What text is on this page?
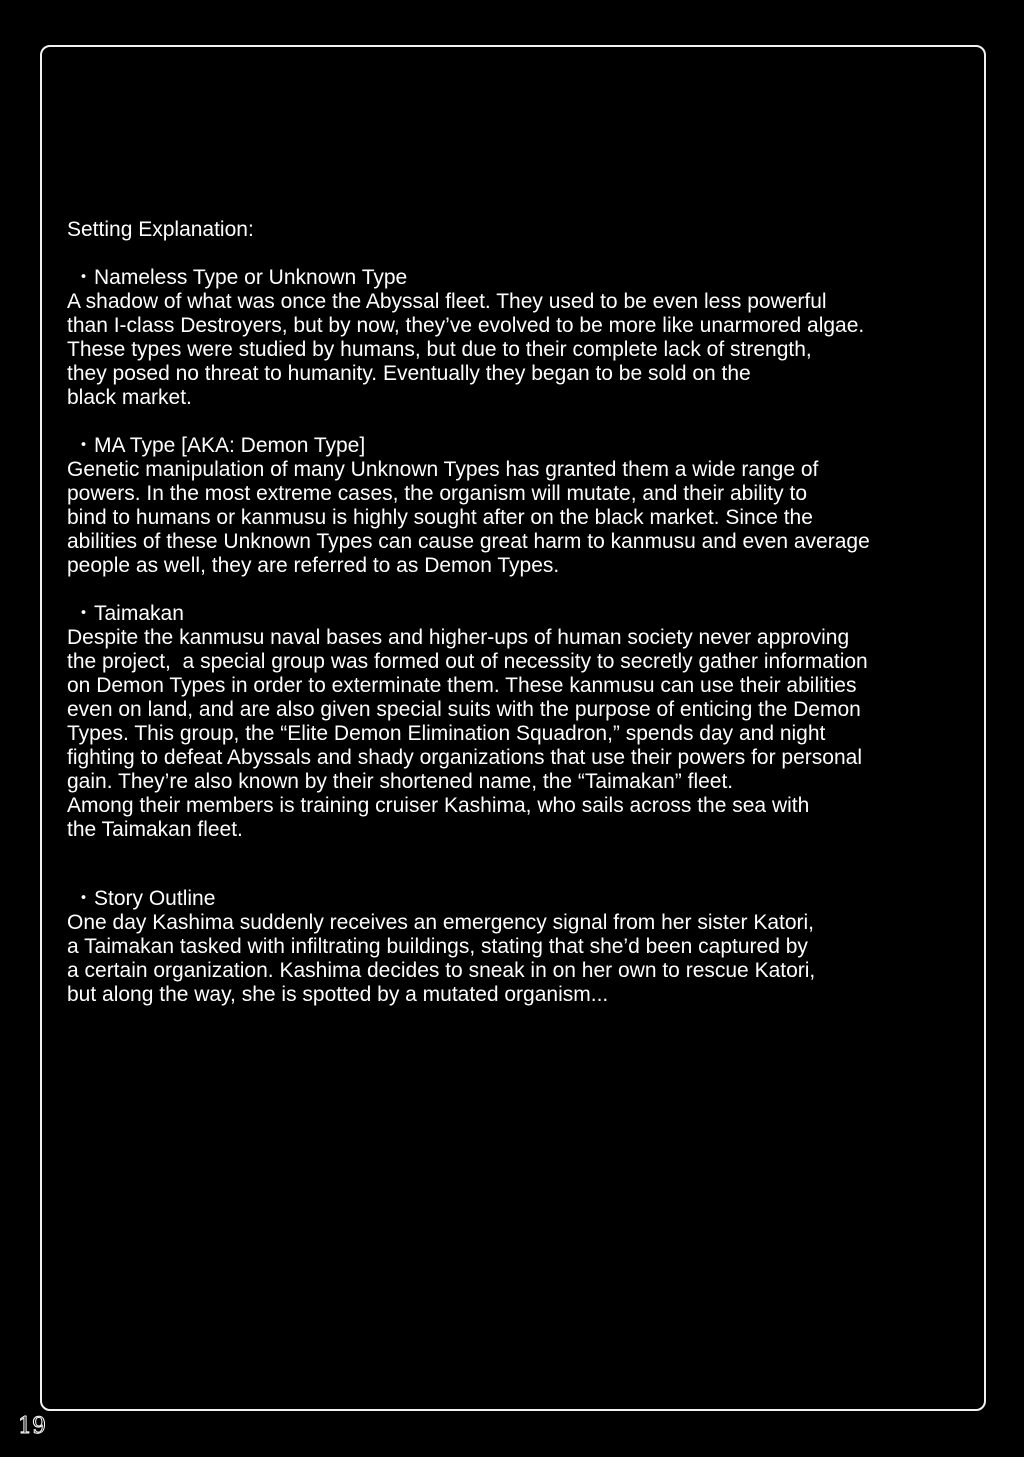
Setting Explanation:
・Nameless Type or Unknown Type
A shadow of what was once the Abyssal fleet. They used to be even less powerful
than I-class Destroyers, but by now, they’ve evolved to be more like unarmored algae.
These types were studied by humans, but due to their complete lack of strength,
they posed no threat to humanity. Eventually they began to be sold on the
black market.
・MA Type [AKA: Demon Type]
Genetic manipulation of many Unknown Types has granted them a wide range of
powers. In the most extreme cases, the organism will mutate, and their ability to
bind to humans or kanmusu is highly sought after on the black market. Since the
abilities of these Unknown Types can cause great harm to kanmusu and even average
people as well, they are referred to as Demon Types.
・Taimakan
Despite the kanmusu naval bases and higher-ups of human society never approving
the project,  a special group was formed out of necessity to secretly gather information
on Demon Types in order to exterminate them. These kanmusu can use their abilities
even on land, and are also given special suits with the purpose of enticing the Demon
Types. This group, the “Elite Demon Elimination Squadron,” spends day and night
fighting to defeat Abyssals and shady organizations that use their powers for personal
gain. They’re also known by their shortened name, the “Taimakan” fleet.
Among their members is training cruiser Kashima, who sails across the sea with
the Taimakan fleet.
・Story Outline
One day Kashima suddenly receives an emergency signal from her sister Katori,
a Taimakan tasked with infiltrating buildings, stating that she’d been captured by
a certain organization. Kashima decides to sneak in on her own to rescue Katori,
but along the way, she is spotted by a mutated organism...
19
